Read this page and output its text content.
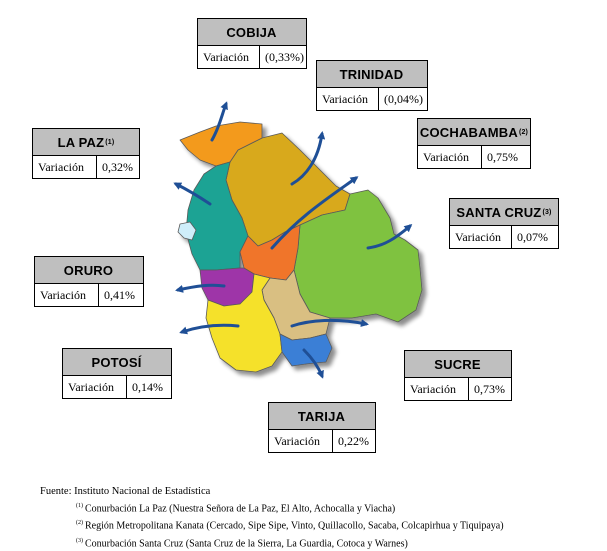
COBIJA
Variación	(0,33%)
TRINIDAD
Variación	(0,04%)
COCHABAMBA (2)
Variación	0,75%
LA PAZ (1)
Variación	0,32%
SANTA CRUZ (3)
Variación	0,07%
ORURO
Variación	0,41%
POTOSÍ
Variación	0,14%
SUCRE
Variación	0,73%
TARIJA
Variación	0,22%
Fuente: Instituto Nacional de Estadística
$^{(1)}$ Conurbación La Paz (Nuestra Señora de La Paz, El Alto, Achocalla y Viacha)
$^{(2)}$ Región Metropolitana Kanata (Cercado, Sipe Sipe, Vinto, Quillacollo, Sacaba, Colcapirhua y Tiquipaya)
$^{(3)}$ Conurbación Santa Cruz (Santa Cruz de la Sierra, La Guardia, Cotoca y Warnes)
